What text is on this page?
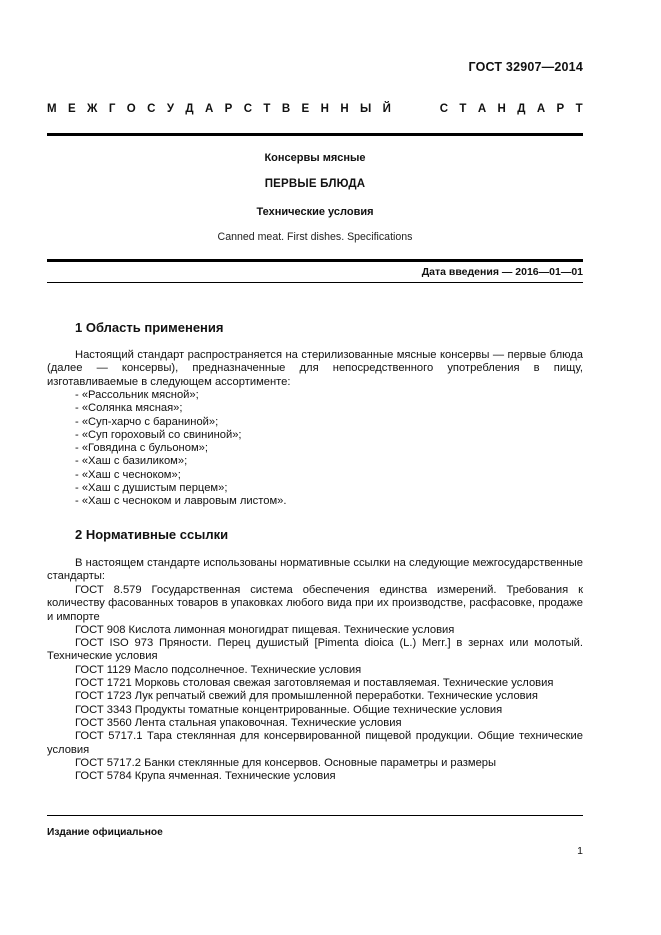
ГОСТ 32907—2014
М Е Ж Г О С У Д А Р С Т В Е Н Н Ы Й	С Т А Н Д А Р Т
Консервы мясные
ПЕРВЫЕ БЛЮДА
Технические условия
Canned meat. First dishes. Specifications
Дата введения — 2016—01—01
1 Область применения
Настоящий стандарт распространяется на стерилизованные мясные консервы — первые блюда (далее — консервы), предназначенные для непосредственного употребления в пищу, изготавливаемые в следующем ассортименте:
- «Рассольник мясной»;
- «Солянка мясная»;
- «Суп-харчо с бараниной»;
- «Суп гороховый со свининой»;
- «Говядина с бульоном»;
- «Хаш с базиликом»;
- «Хаш с чесноком»;
- «Хаш с душистым перцем»;
- «Хаш с чесноком и лавровым листом».
2 Нормативные ссылки
В настоящем стандарте использованы нормативные ссылки на следующие межгосударственные стандарты:
ГОСТ 8.579 Государственная система обеспечения единства измерений. Требования к количеству фасованных товаров в упаковках любого вида при их производстве, расфасовке, продаже и импорте
ГОСТ 908 Кислота лимонная моногидрат пищевая. Технические условия
ГОСТ ISO 973 Пряности. Перец душистый [Pimenta dioica (L.) Merr.] в зернах или молотый. Технические условия
ГОСТ 1129 Масло подсолнечное. Технические условия
ГОСТ 1721 Морковь столовая свежая заготовляемая и поставляемая. Технические условия
ГОСТ 1723 Лук репчатый свежий для промышленной переработки. Технические условия
ГОСТ 3343 Продукты томатные концентрированные. Общие технические условия
ГОСТ 3560 Лента стальная упаковочная. Технические условия
ГОСТ 5717.1 Тара стеклянная для консервированной пищевой продукции. Общие технические условия
ГОСТ 5717.2 Банки стеклянные для консервов. Основные параметры и размеры
ГОСТ 5784 Крупа ячменная. Технические условия
Издание официальное
1
